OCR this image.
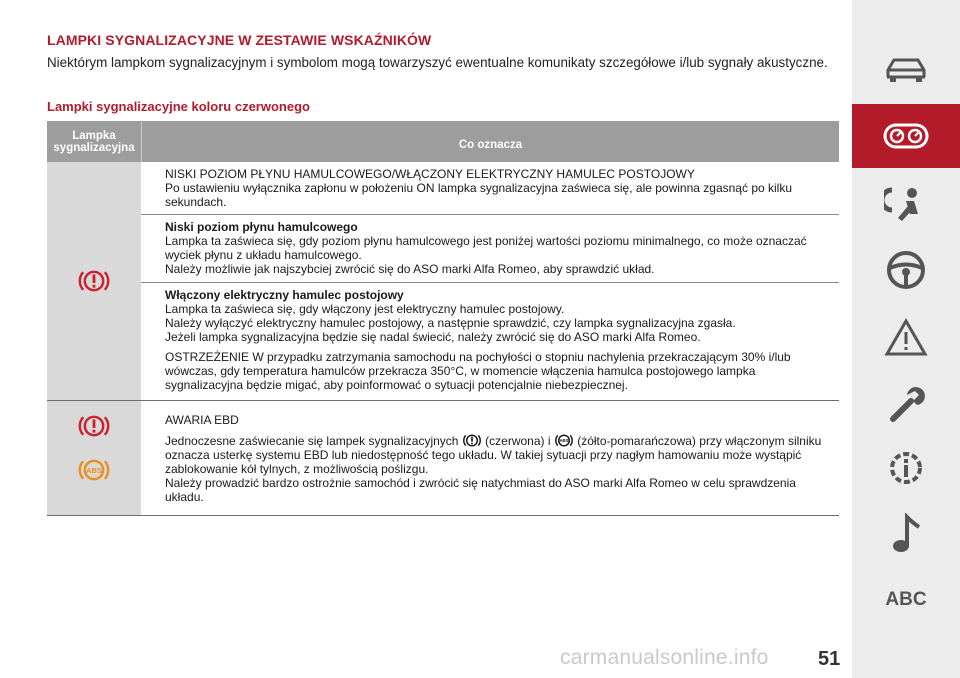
LAMPKI SYGNALIZACYJNE W ZESTAWIE WSKAŹNIKÓW

Niektórym lampkom sygnalizacyjnym i symbolom mogą towarzyszyć ewentualne komunikaty szczegółowe i/lub sygnały akustyczne.

Lampki sygnalizacyjne koloru czerwonego
Lampka sygnalizacyjna	Co oznacza

NISKI POZIOM PŁYNU HAMULCOWEGO/WŁĄCZONY ELEKTRYCZNY HAMULEC POSTOJOWY

Po ustawieniu wyłącznika zapłonu w położeniu ON lampka sygnalizacyjna zaświeca się, ale powinna zgasnąć po kilku sekundach.

Niski poziom płynu hamulcowego

Lampka ta zaświeca się, gdy poziom płynu hamulcowego jest poniżej wartości poziomu minimalnego, co może oznaczać wyciek płynu z układu hamulcowego.

Należy możliwie jak najszybciej zwrócić się do ASO marki Alfa Romeo, aby sprawdzić układ.

Włączony elektryczny hamulec postojowy

Lampka ta zaświeca się, gdy włączony jest elektryczny hamulec postojowy.

Należy wyłączyć elektryczny hamulec postojowy, a następnie sprawdzić, czy lampka sygnalizacyjna zgasła.

Jeżeli lampka sygnalizacyjna będzie się nadal świecić, należy zwrócić się do ASO marki Alfa Romeo.

OSTRZEŻENIE W przypadku zatrzymania samochodu na pochyłości o stopniu nachylenia przekraczającym 30% i/lub wówczas, gdy temperatura hamulców przekracza 350°C, w momencie włączenia hamulca postojowego lampka sygnalizacyjna będzie migać, aby poinformować o sytuacji potencjalnie niebezpiecznej.

ABS

AWARIA EBD

Jednoczesne zaświecanie się lampek sygnalizacyjnych (czerwona) i ABS (żółto-pomarańczowa) przy włączonym silniku oznacza usterkę systemu EBD lub niedostępność tego układu. W takiej sytuacji przy nagłym hamowaniu może wystąpić zablokowanie kół tylnych, z możliwością poślizgu.

Należy prowadzić bardzo ostrożnie samochód i zwrócić się natychmiast do ASO marki Alfa Romeo w celu sprawdzenia układu.

carmanualsonline.info 51
ABC
